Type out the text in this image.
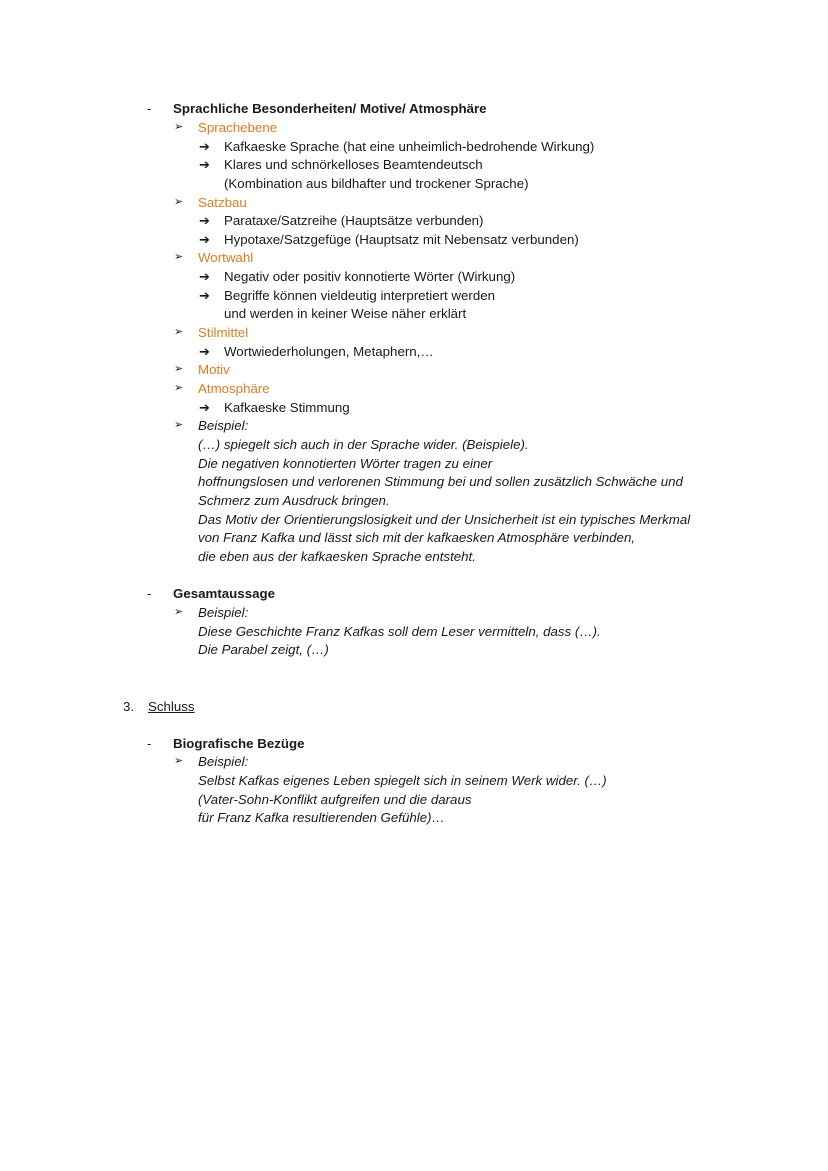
- Sprachliche Besonderheiten/ Motive/ Atmosphäre
➢ Sprachebene
➔ Kafkaeske Sprache (hat eine unheimlich-bedrohende Wirkung)
➔ Klares und schnörkelloses Beamtendeutsch
(Kombination aus bildhafter und trockener Sprache)
➢ Satzbau
➔ Parataxe/Satzreihe (Hauptsätze verbunden)
➔ Hypotaxe/Satzgefüge (Hauptsatz mit Nebensatz verbunden)
➢ Wortwahl
➔ Negativ oder positiv konnotierte Wörter (Wirkung)
➔ Begriffe können vieldeutig interpretiert werden
und werden in keiner Weise näher erklärt
➢ Stilmittel
➔ Wortwiederholungen, Metaphern,…
➢ Motiv
➢ Atmosphäre
➔ Kafkaeske Stimmung
➢ Beispiel:
(…) spiegelt sich auch in der Sprache wider. (Beispiele).
Die negativen konnotierten Wörter tragen zu einer
hoffnungslosen und verlorenen Stimmung bei und sollen zusätzlich Schwäche und
Schmerz zum Ausdruck bringen.
Das Motiv der Orientierungslosigkeit und der Unsicherheit ist ein typisches Merkmal
von Franz Kafka und lässt sich mit der kafkaesken Atmosphäre verbinden,
die eben aus der kafkaesken Sprache entsteht.
- Gesamtaussage
➢ Beispiel:
Diese Geschichte Franz Kafkas soll dem Leser vermitteln, dass (…).
Die Parabel zeigt, (…)
3. Schluss
- Biografische Bezüge
➢ Beispiel:
Selbst Kafkas eigenes Leben spiegelt sich in seinem Werk wider. (…)
(Vater-Sohn-Konflikt aufgreifen und die daraus
für Franz Kafka resultierenden Gefühle)…
